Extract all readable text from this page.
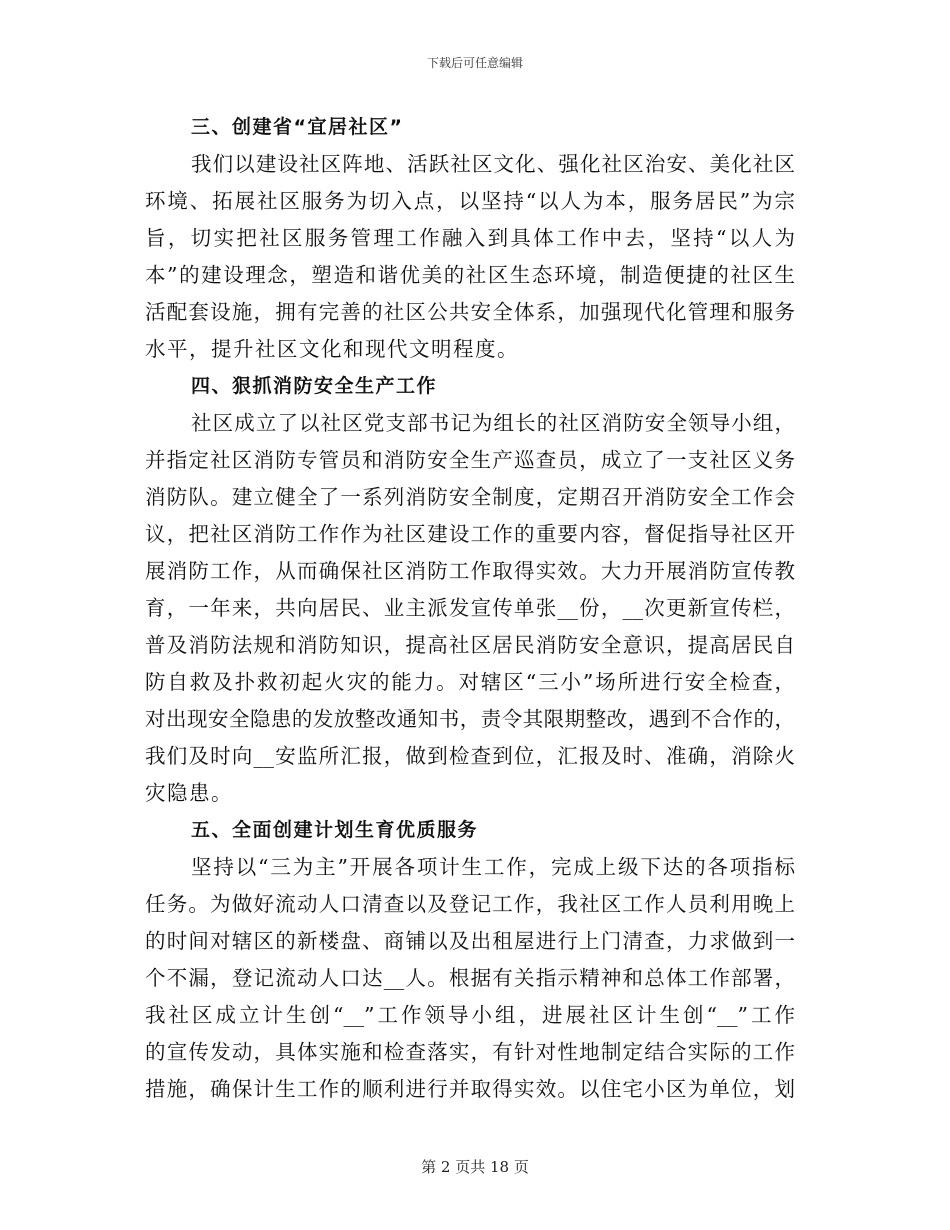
下载后可任意编辑
三、创建省“宜居社区”
我们以建设社区阵地、活跃社区文化、强化社区治安、美化社区
环境、拓展社区服务为切入点，以坚持“以人为本，服务居民”为宗
旨，切实把社区服务管理工作融入到具体工作中去，坚持“以人为
本”的建设理念，塑造和谐优美的社区生态环境，制造便捷的社区生
活配套设施，拥有完善的社区公共安全体系，加强现代化管理和服务
水平，提升社区文化和现代文明程度。
四、狠抓消防安全生产工作
社区成立了以社区党支部书记为组长的社区消防安全领导小组，
并指定社区消防专管员和消防安全生产巡查员，成立了一支社区义务
消防队。建立健全了一系列消防安全制度，定期召开消防安全工作会
议，把社区消防工作作为社区建设工作的重要内容，督促指导社区开
展消防工作，从而确保社区消防工作取得实效。大力开展消防宣传教
育，一年来，共向居民、业主派发宣传单张__份，__次更新宣传栏，
普及消防法规和消防知识，提高社区居民消防安全意识，提高居民自
防自救及扑救初起火灾的能力。对辖区“三小”场所进行安全检查，
对出现安全隐患的发放整改通知书，责令其限期整改，遇到不合作的，
我们及时向__安监所汇报，做到检查到位，汇报及时、准确，消除火
灾隐患。
五、全面创建计划生育优质服务
坚持以“三为主”开展各项计生工作，完成上级下达的各项指标
任务。为做好流动人口清查以及登记工作，我社区工作人员利用晚上
的时间对辖区的新楼盘、商铺以及出租屋进行上门清查，力求做到一
个不漏，登记流动人口达__人。根据有关指示精神和总体工作部署，
我社区成立计生创“__”工作领导小组，进展社区计生创“__”工作
的宣传发动，具体实施和检查落实，有针对性地制定结合实际的工作
措施，确保计生工作的顺利进行并取得实效。以住宅小区为单位，划
第 2 页共 18 页
